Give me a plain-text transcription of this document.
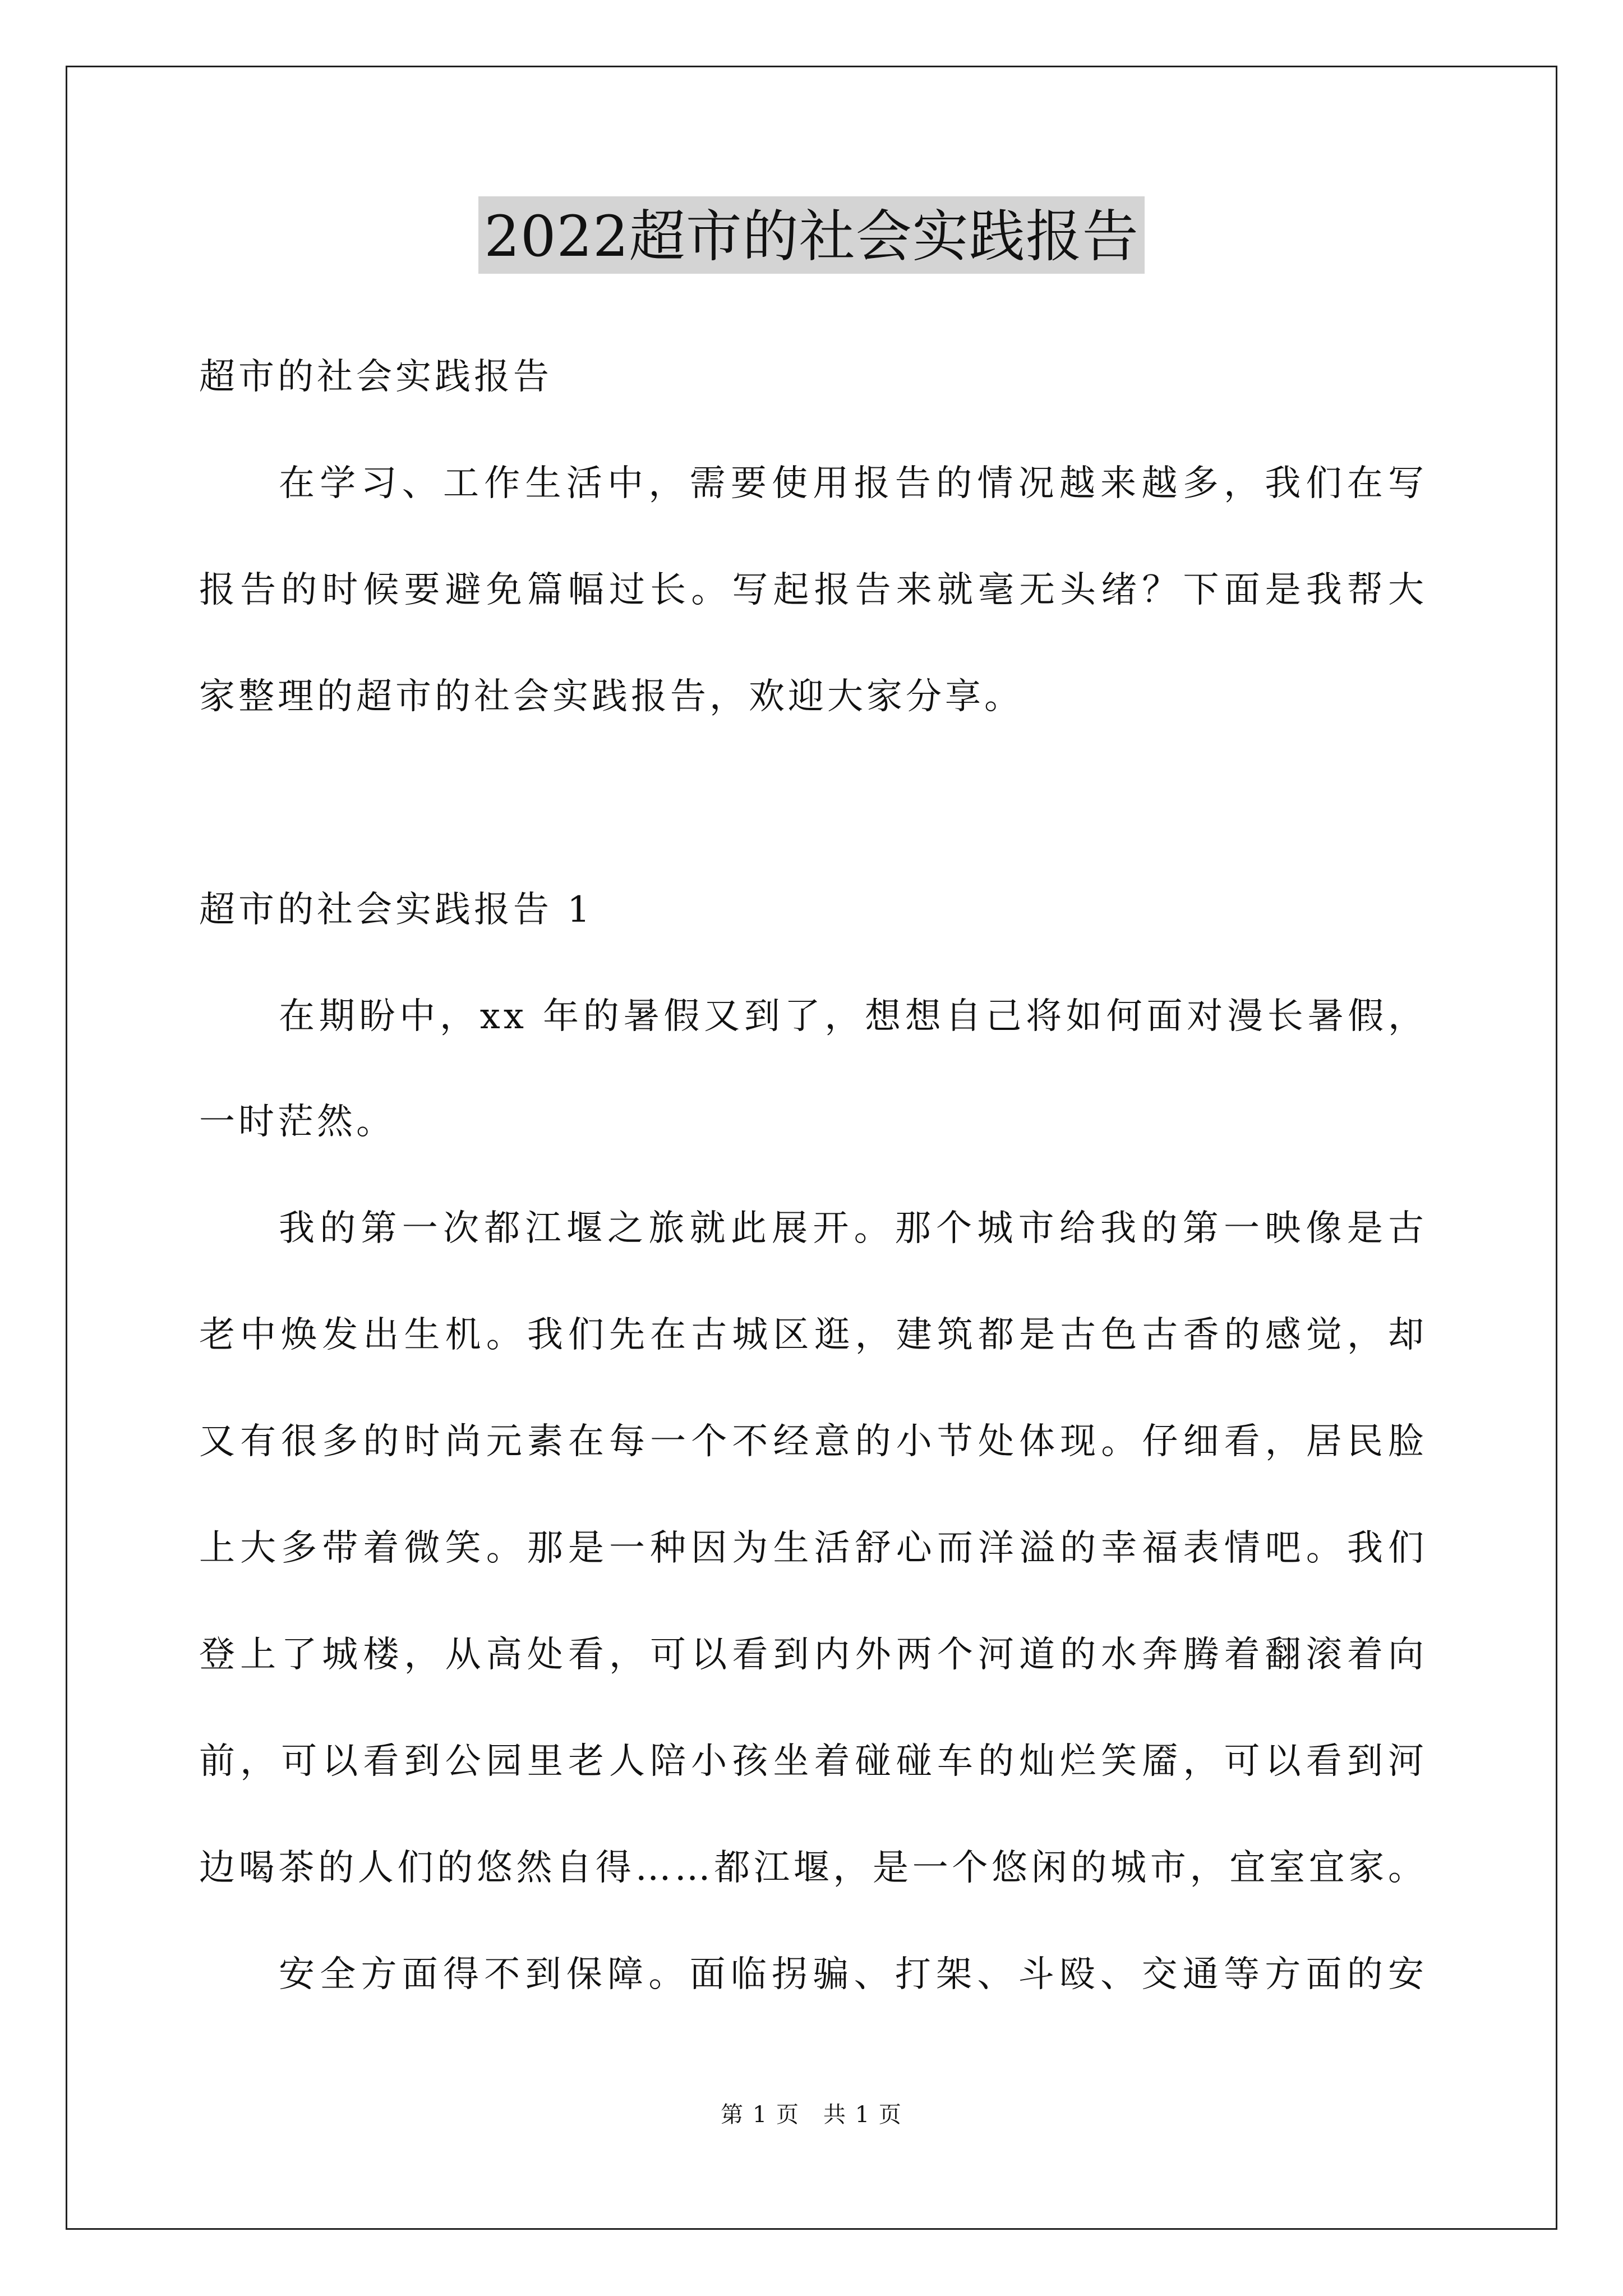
2022超市的社会实践报告
超市的社会实践报告
在学习、工作生活中，需要使用报告的情况越来越多，我们在写
报告的时候要避免篇幅过长。写起报告来就毫无头绪？下面是我帮大
家整理的超市的社会实践报告，欢迎大家分享。
超市的社会实践报告 1
在期盼中，xx 年的暑假又到了，想想自己将如何面对漫长暑假，
一时茫然。
我的第一次都江堰之旅就此展开。那个城市给我的第一映像是古
老中焕发出生机。我们先在古城区逛，建筑都是古色古香的感觉，却
又有很多的时尚元素在每一个不经意的小节处体现。仔细看，居民脸
上大多带着微笑。那是一种因为生活舒心而洋溢的幸福表情吧。我们
登上了城楼，从高处看，可以看到内外两个河道的水奔腾着翻滚着向
前，可以看到公园里老人陪小孩坐着碰碰车的灿烂笑靥，可以看到河
边喝茶的人们的悠然自得……都江堰，是一个悠闲的城市，宜室宜家。
安全方面得不到保障。面临拐骗、打架、斗殴、交通等方面的安
第 1 页　共 1 页
